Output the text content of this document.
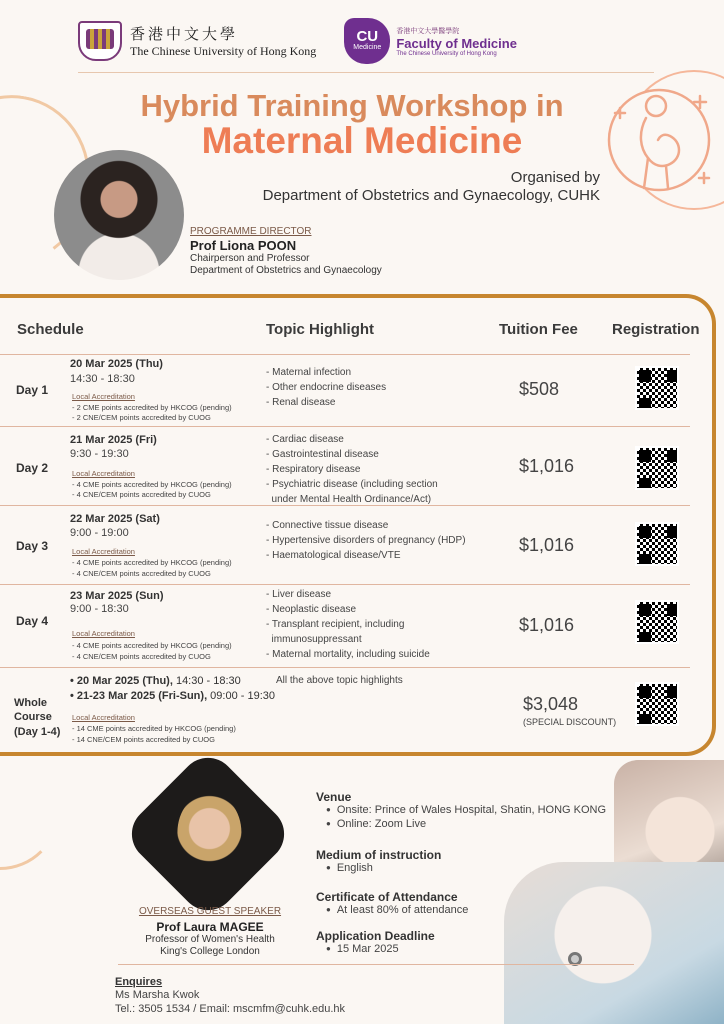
香港中文大學
The Chinese University of Hong Kong
CU
Medicine
香港中文大學醫學院
Faculty of Medicine
The Chinese University of Hong Kong
Hybrid Training Workshop in
Maternal Medicine
Organised by
Department of Obstetrics and Gynaecology, CUHK
PROGRAMME DIRECTOR
Prof Liona POON
Chairperson and Professor
Department of Obstetrics and Gynaecology
Schedule	Topic Highlight	Tuition Fee Registration
Day 1
20 Mar 2025 (Thu)
14:30 - 18:30
Local Accreditation
- 2 CME points accredited by HKCOG (pending)
- 2 CNE/CEM points accredited by CUOG
- Maternal infection
- Other endocrine diseases
- Renal disease
$508
Day 2
21 Mar 2025 (Fri)
9:30 - 19:30
Local Accreditation
- 4 CME points accredited by HKCOG (pending)
- 4 CNE/CEM points accredited by CUOG
- Cardiac disease
- Gastrointestinal disease
- Respiratory disease
- Psychiatric disease (including section
under Mental Health Ordinance/Act)
$1,016
Day 3
22 Mar 2025 (Sat)
9:00 - 19:00
Local Accreditation
- 4 CME points accredited by HKCOG (pending)
- 4 CNE/CEM points accredited by CUOG
- Connective tissue disease
- Hypertensive disorders of pregnancy (HDP)
- Haematological disease/VTE
$1,016
Day 4
23 Mar 2025 (Sun)
9:00 - 18:30
Local Accreditation
- 4 CME points accredited by HKCOG (pending)
- 4 CNE/CEM points accredited by CUOG
- Liver disease
- Neoplastic disease
- Transplant recipient, including
immunosuppressant
- Maternal mortality, including suicide
$1,016
Whole
Course
(Day 1-4)
• 20 Mar 2025 (Thu), 14:30 - 18:30
• 21-23 Mar 2025 (Fri-Sun), 09:00 - 19:30
Local Accreditation
- 14 CME points accredited by HKCOG (pending)
- 14 CNE/CEM points accredited by CUOG
All the above topic highlights
$3,048
(SPECIAL DISCOUNT)
OVERSEAS GUEST SPEAKER
Prof Laura MAGEE
Professor of Women's Health
King's College London
Venue
● Onsite: Prince of Wales Hospital, Shatin, HONG KONG
● Online: Zoom Live
Medium of instruction
● English
Certificate of Attendance
● At least 80% of attendance
Application Deadline
● 15 Mar 2025
Enquires
Ms Marsha Kwok
Tel.: 3505 1534 / Email: mscmfm@cuhk.edu.hk
